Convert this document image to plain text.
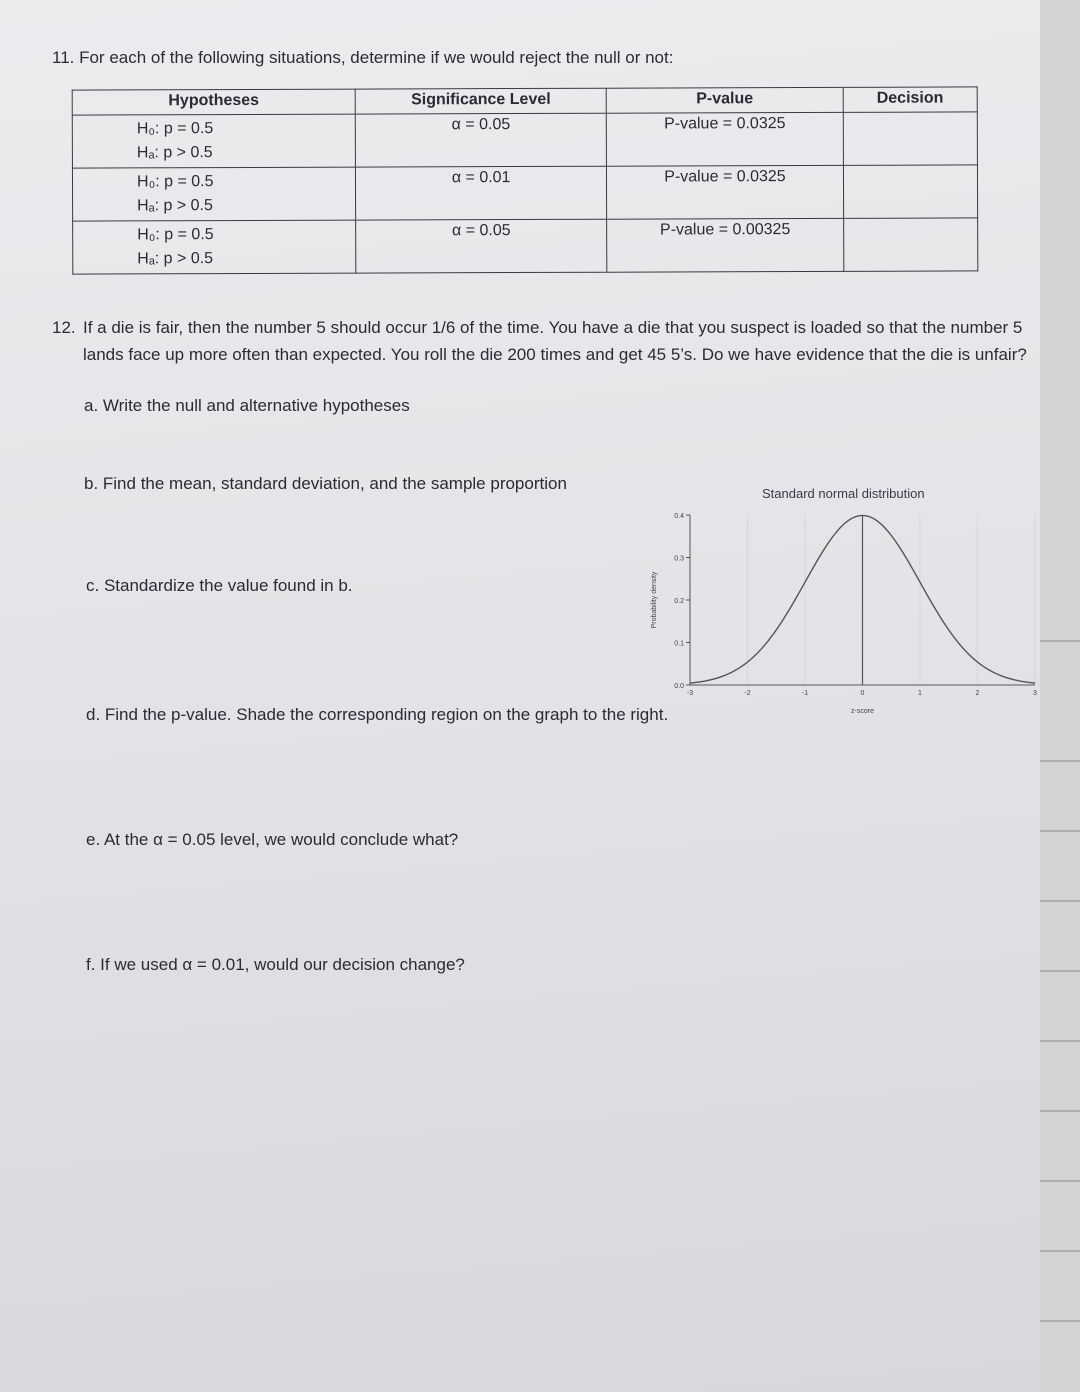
11. For each of the following situations, determine if we would reject the null or not:
Hypotheses	Significance Level	P-value	Decision

H₀: p = 0.5
Hₐ: p > 0.5	α = 0.05	P-value = 0.0325	

H₀: p = 0.5
Hₐ: p > 0.5	α = 0.01	P-value = 0.0325	

H₀: p = 0.5
Hₐ: p > 0.5	α = 0.05	P-value = 0.00325	
12. If a die is fair, then the number 5 should occur 1/6 of the time. You have a die that you suspect is loaded so that the number 5 lands face up more often than expected. You roll the die 200 times and get 45 5’s. Do we have evidence that the die is unfair?
a. Write the null and alternative hypotheses
b. Find the mean, standard deviation, and the sample proportion
c. Standardize the value found in b.
d. Find the p-value. Shade the corresponding region on the graph to the right.
e. At the α = 0.05 level, we would conclude what?
f. If we used α = 0.01, would our decision change?
Standard normal distribution
0.0
0.1
0.2
0.3
0.4
-3	-2	-1	0	1	2	3
Probability density
z-score
